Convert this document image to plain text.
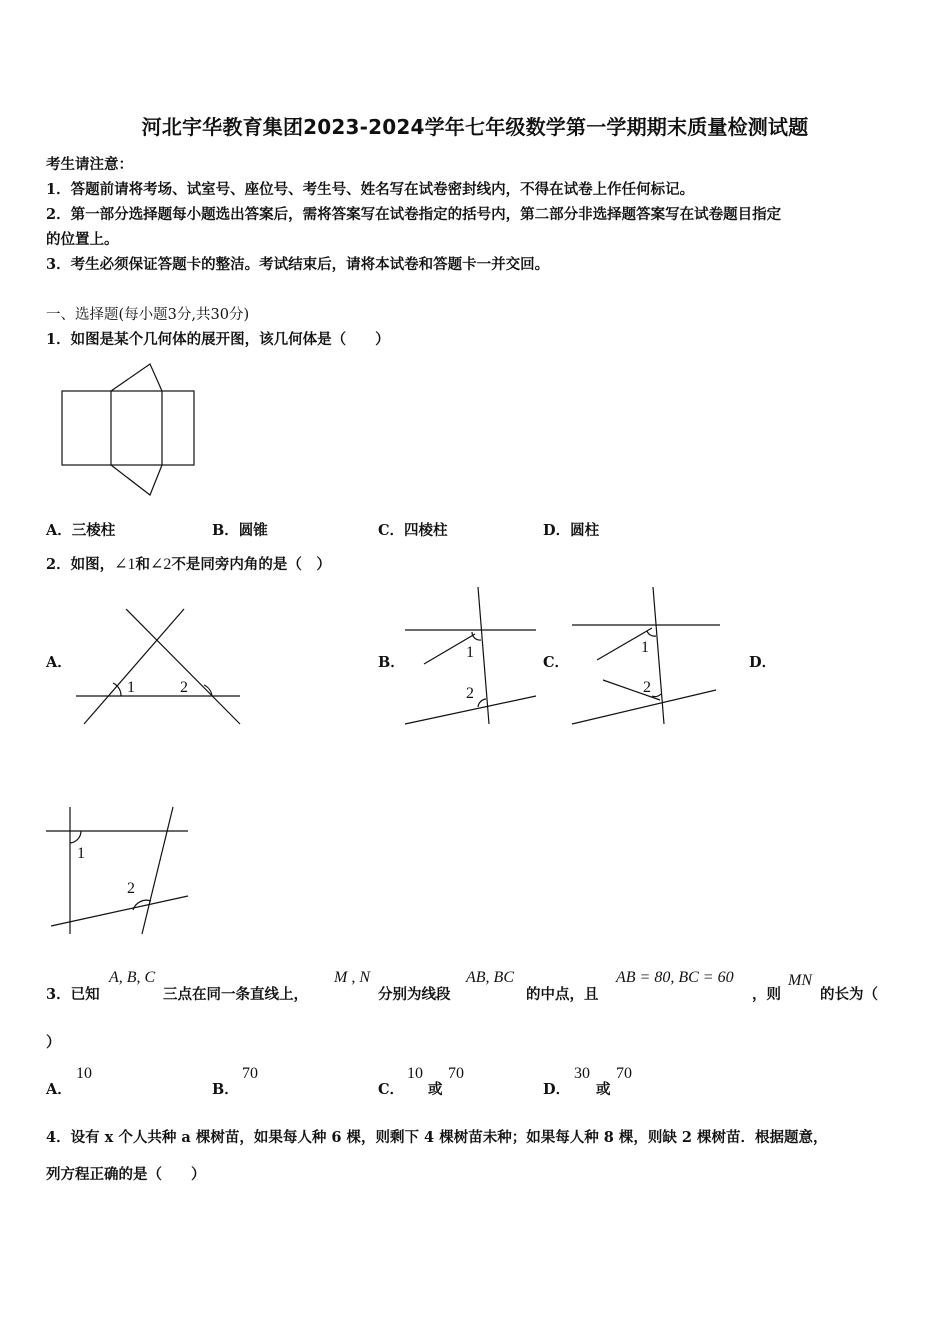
河北宇华教育集团2023-2024学年七年级数学第一学期期末质量检测试题
考生请注意：
1．答题前请将考场、试室号、座位号、考生号、姓名写在试卷密封线内，不得在试卷上作任何标记。
2．第一部分选择题每小题选出答案后，需将答案写在试卷指定的括号内，第二部分非选择题答案写在试卷题目指定
的位置上。
3．考生必须保证答题卡的整洁。考试结束后，请将本试卷和答题卡一并交回。
一、选择题(每小题3分,共30分)
1．如图是某个几何体的展开图，该几何体是（　　）
A．三棱柱	B．圆锥	C．四棱柱	D．圆柱
2．如图，∠1和∠2不是同旁内角的是（　）
A．	B．	C．	D．
1	2
1
2
1
2
1
2
3．已知
A, B, C
三点在同一条直线上，
M , N
分别为线段
AB, BC
的中点，且
AB = 80, BC = 60
，则
MN
的长为（
）
A．
10
B．
70
C．
10
或
70
D．
30
或
70
4．设有 x 个人共种 a 棵树苗，如果每人种 6 棵，则剩下 4 棵树苗未种；如果每人种 8 棵，则缺 2 棵树苗．根据题意，
列方程正确的是（　　）
